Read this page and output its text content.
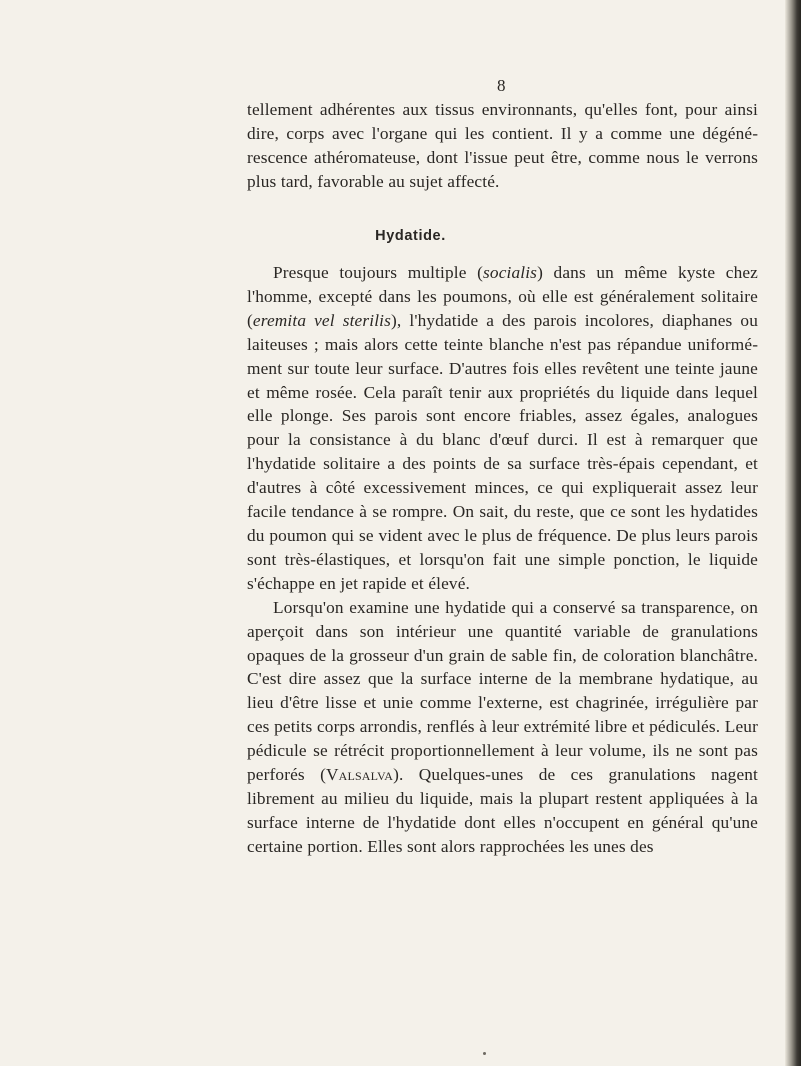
8

tellement adhérentes aux tissus environnants, qu'elles font, pour ainsi dire, corps avec l'organe qui les contient. Il y a comme une dégénérescence athéromateuse, dont l'issue peut être, comme nous le verrons plus tard, favorable au sujet affecté.

Hydatide.

Presque toujours multiple (socialis) dans un même kyste chez l'homme, excepté dans les poumons, où elle est généralement solitaire (eremita vel sterilis), l'hydatide a des parois incolores, diaphanes ou laiteuses ; mais alors cette teinte blanche n'est pas répandue uniformément sur toute leur surface. D'autres fois elles revêtent une teinte jaune et même rosée. Cela paraît tenir aux propriétés du liquide dans lequel elle plonge. Ses parois sont encore friables, assez égales, analogues pour la consistance à du blanc d'œuf durci. Il est à remarquer que l'hydatide solitaire a des points de sa surface très-épais cependant, et d'autres à côté excessivement minces, ce qui expliquerait assez leur facile tendance à se rompre. On sait, du reste, que ce sont les hydatides du poumon qui se vident avec le plus de fréquence. De plus leurs parois sont très-élastiques, et lorsqu'on fait une simple ponction, le liquide s'échappe en jet rapide et élevé.

Lorsqu'on examine une hydatide qui a conservé sa transparence, on aperçoit dans son intérieur une quantité variable de granulations opaques de la grosseur d'un grain de sable fin, de coloration blanchâtre. C'est dire assez que la surface interne de la membrane hydatique, au lieu d'être lisse et unie comme l'externe, est chagrinée, irrégulière par ces petits corps arrondis, renflés à leur extrémité libre et pédiculés. Leur pédicule se rétrécit proportionnellement à leur volume, ils ne sont pas perforés (Valsalva). Quelques-unes de ces granulations nagent librement au milieu du liquide, mais la plupart restent appliquées à la surface interne de l'hydatide dont elles n'occupent en général qu'une certaine portion. Elles sont alors rapprochées les unes des
